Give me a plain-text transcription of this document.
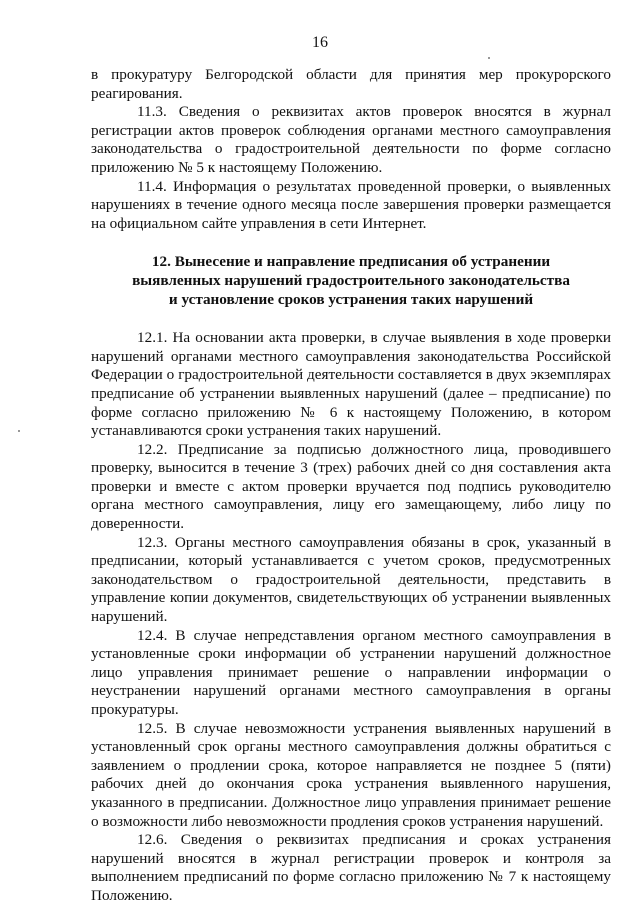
16

в прокуратуру Белгородской области для принятия мер прокурорского реагирования.

11.3. Сведения о реквизитах актов проверок вносятся в журнал регистрации актов проверок соблюдения органами местного самоуправления законодательства о градостроительной деятельности по форме согласно приложению № 5 к настоящему Положению.

11.4. Информация о результатах проведенной проверки, о выявленных нарушениях в течение одного месяца после завершения проверки размещается на официальном сайте управления в сети Интернет.

12. Вынесение и направление предписания об устранении
выявленных нарушений градостроительного законодательства
и установление сроков устранения таких нарушений

12.1. На основании акта проверки, в случае выявления в ходе проверки нарушений органами местного самоуправления законодательства Российской Федерации о градостроительной деятельности составляется в двух экземплярах предписание об устранении выявленных нарушений (далее – предписание) по форме согласно приложению № 6 к настоящему Положению, в котором устанавливаются сроки устранения таких нарушений.

12.2. Предписание за подписью должностного лица, проводившего проверку, выносится в течение 3 (трех) рабочих дней со дня составления акта проверки и вместе с актом проверки вручается под подпись руководителю органа местного самоуправления, лицу его замещающему, либо лицу по доверенности.

12.3. Органы местного самоуправления обязаны в срок, указанный в предписании, который устанавливается с учетом сроков, предусмотренных законодательством о градостроительной деятельности, представить в управление копии документов, свидетельствующих об устранении выявленных нарушений.

12.4. В случае непредставления органом местного самоуправления в установленные сроки информации об устранении нарушений должностное лицо управления принимает решение о направлении информации о неустранении нарушений органами местного самоуправления в органы прокуратуры.

12.5. В случае невозможности устранения выявленных нарушений в установленный срок органы местного самоуправления должны обратиться с заявлением о продлении срока, которое направляется не позднее 5 (пяти) рабочих дней до окончания срока устранения выявленного нарушения, указанного в предписании. Должностное лицо управления принимает решение о возможности либо невозможности продления сроков устранения нарушений.

12.6. Сведения о реквизитах предписания и сроках устранения нарушений вносятся в журнал регистрации проверок и контроля за выполнением предписаний по форме согласно приложению № 7 к настоящему Положению.
